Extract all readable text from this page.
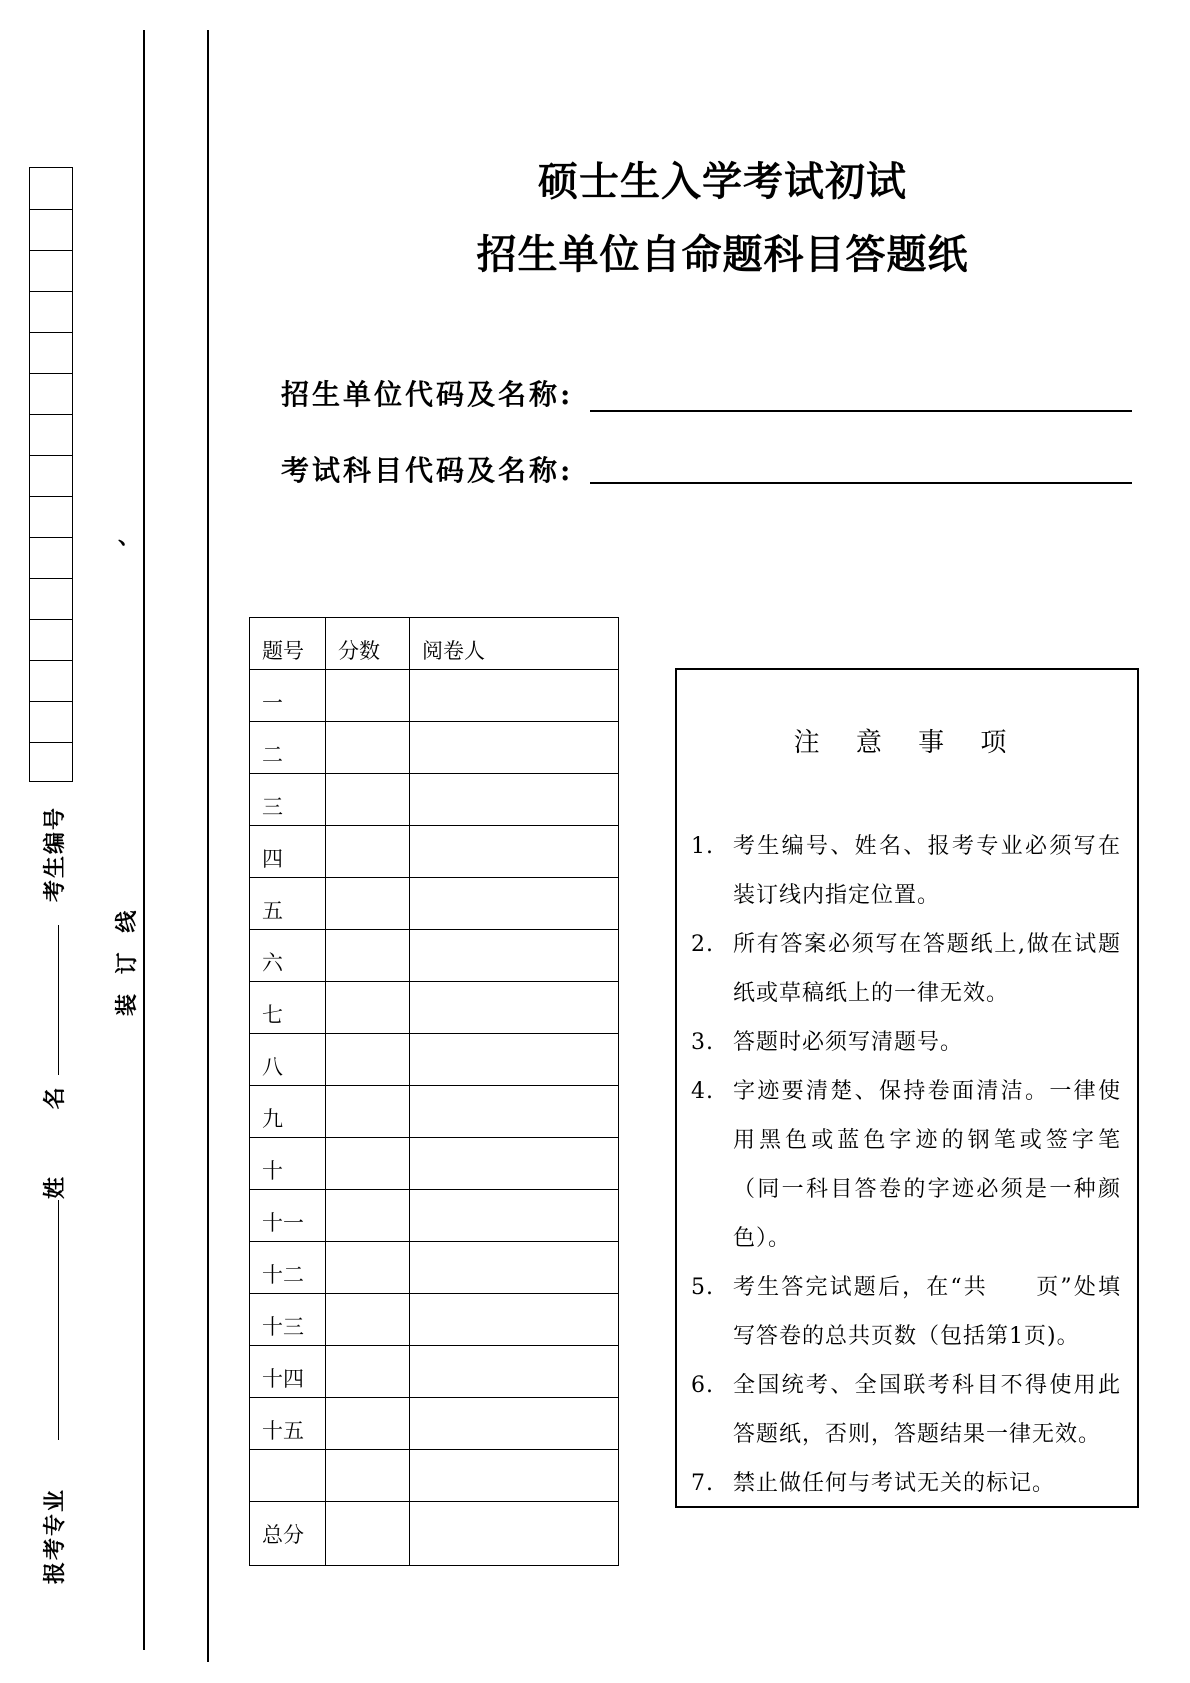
考生编号
姓 名
报考专业
装 订 线
、
硕士生入学考试初试
招生单位自命题科目答题纸
招生单位代码及名称:
考试科目代码及名称:
题号	分数	阅卷人
一		
二		
三		
四		
五		
六		
七		
八		
九		
十		
十一		
十二		
十三		
十四		
十五		

总分		
注 意 事 项
1. 考生编号、姓名、报考专业必须写在装订线内指定位置。
2. 所有答案必须写在答题纸上,做在试题纸或草稿纸上的一律无效。
3. 答题时必须写清题号。
4. 字迹要清楚、保持卷面清洁。一律使用黑色或蓝色字迹的钢笔或签字笔（同一科目答卷的字迹必须是一种颜色）。
5. 考生答完试题后，在“共　　页”处填写答卷的总共页数（包括第1页)。
6. 全国统考、全国联考科目不得使用此答题纸，否则，答题结果一律无效。
7. 禁止做任何与考试无关的标记。
